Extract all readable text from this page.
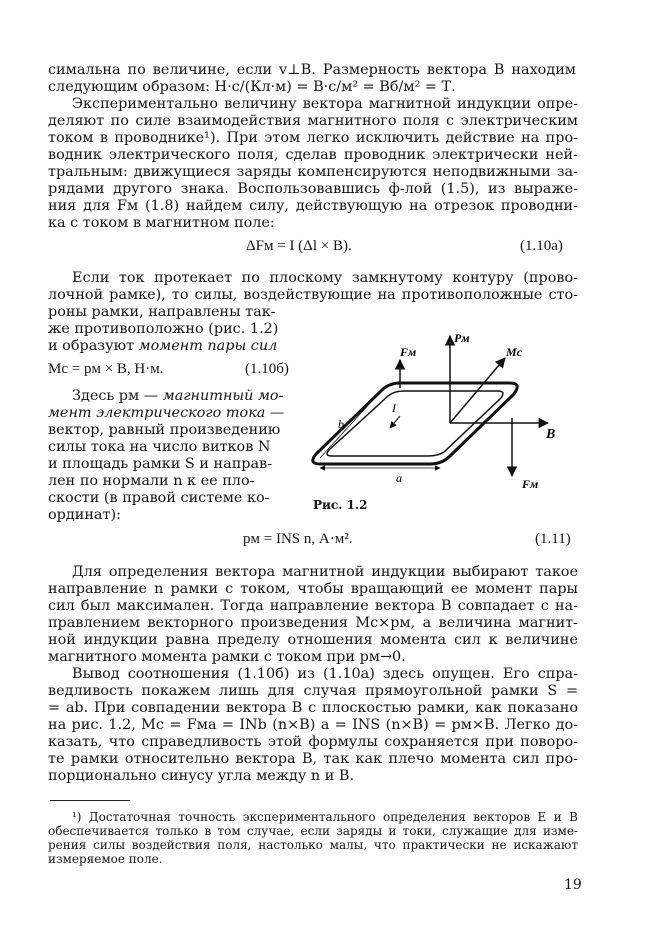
симальна по величине, если v⊥B. Размерность вектора B находим
следующим образом: H·c/(Кл·м) = B·c/м² = Вб/м² = Т.
Экспериментально величину вектора магнитной индукции опре-
деляют по силе взаимодействия магнитного поля с электрическим
током в проводнике¹). При этом легко исключить действие на про-
водник электрического поля, сделав проводник электрически ней-
тральным: движущиеся заряды компенсируются неподвижными за-
рядами другого знака. Воспользовавшись ф-лой (1.5), из выраже-
ния для Fм (1.8) найдем силу, действующую на отрезок проводни-
ка с током в магнитном поле:
ΔFм = I (Δl × B).	(1.10а)
Если ток протекает по плоскому замкнутому контуру (прово-
лочной рамке), то силы, воздействующие на противоположные сто-
роны рамки, направлены так-
же противоположно (рис. 1.2)
и образуют момент пары сил
Mс = pм × B, Н·м.	(1.10б)
Здесь pм — магнитный мо-
мент электрического тока —
вектор, равный произведению
силы тока на число витков N
и площадь рамки S и направ-
лен по нормали n к ее пло-
скости (в правой системе ко-
ординат):
Fм
Pм
Mс
B
I
b
a	Fм
Рис. 1.2
pм = INS n, А·м².	(1.11)
Для определения вектора магнитной индукции выбирают такое
направление n рамки с током, чтобы вращающий ее момент пары
сил был максимален. Тогда направление вектора B совпадает с на-
правлением векторного произведения Mс×pм, а величина магнит-
ной индукции равна пределу отношения момента сил к величине
магнитного момента рамки с током при pм→0.
Вывод соотношения (1.10б) из (1.10а) здесь опущен. Его спра-
ведливость покажем лишь для случая прямоугольной рамки S =
= ab. При совпадении вектора B с плоскостью рамки, как показано
на рис. 1.2, Mс = Fмa = INb (n×B) a = INS (n×B) = pм×B. Легко до-
казать, что справедливость этой формулы сохраняется при поворо-
те рамки относительно вектора B, так как плечо момента сил про-
порционально синусу угла между n и B.
¹) Достаточная точность экспериментального определения векторов E и B
обеспечивается только в том случае, если заряды и токи, служащие для изме-
рения силы воздействия поля, настолько малы, что практически не искажают
измеряемое поле.
19
